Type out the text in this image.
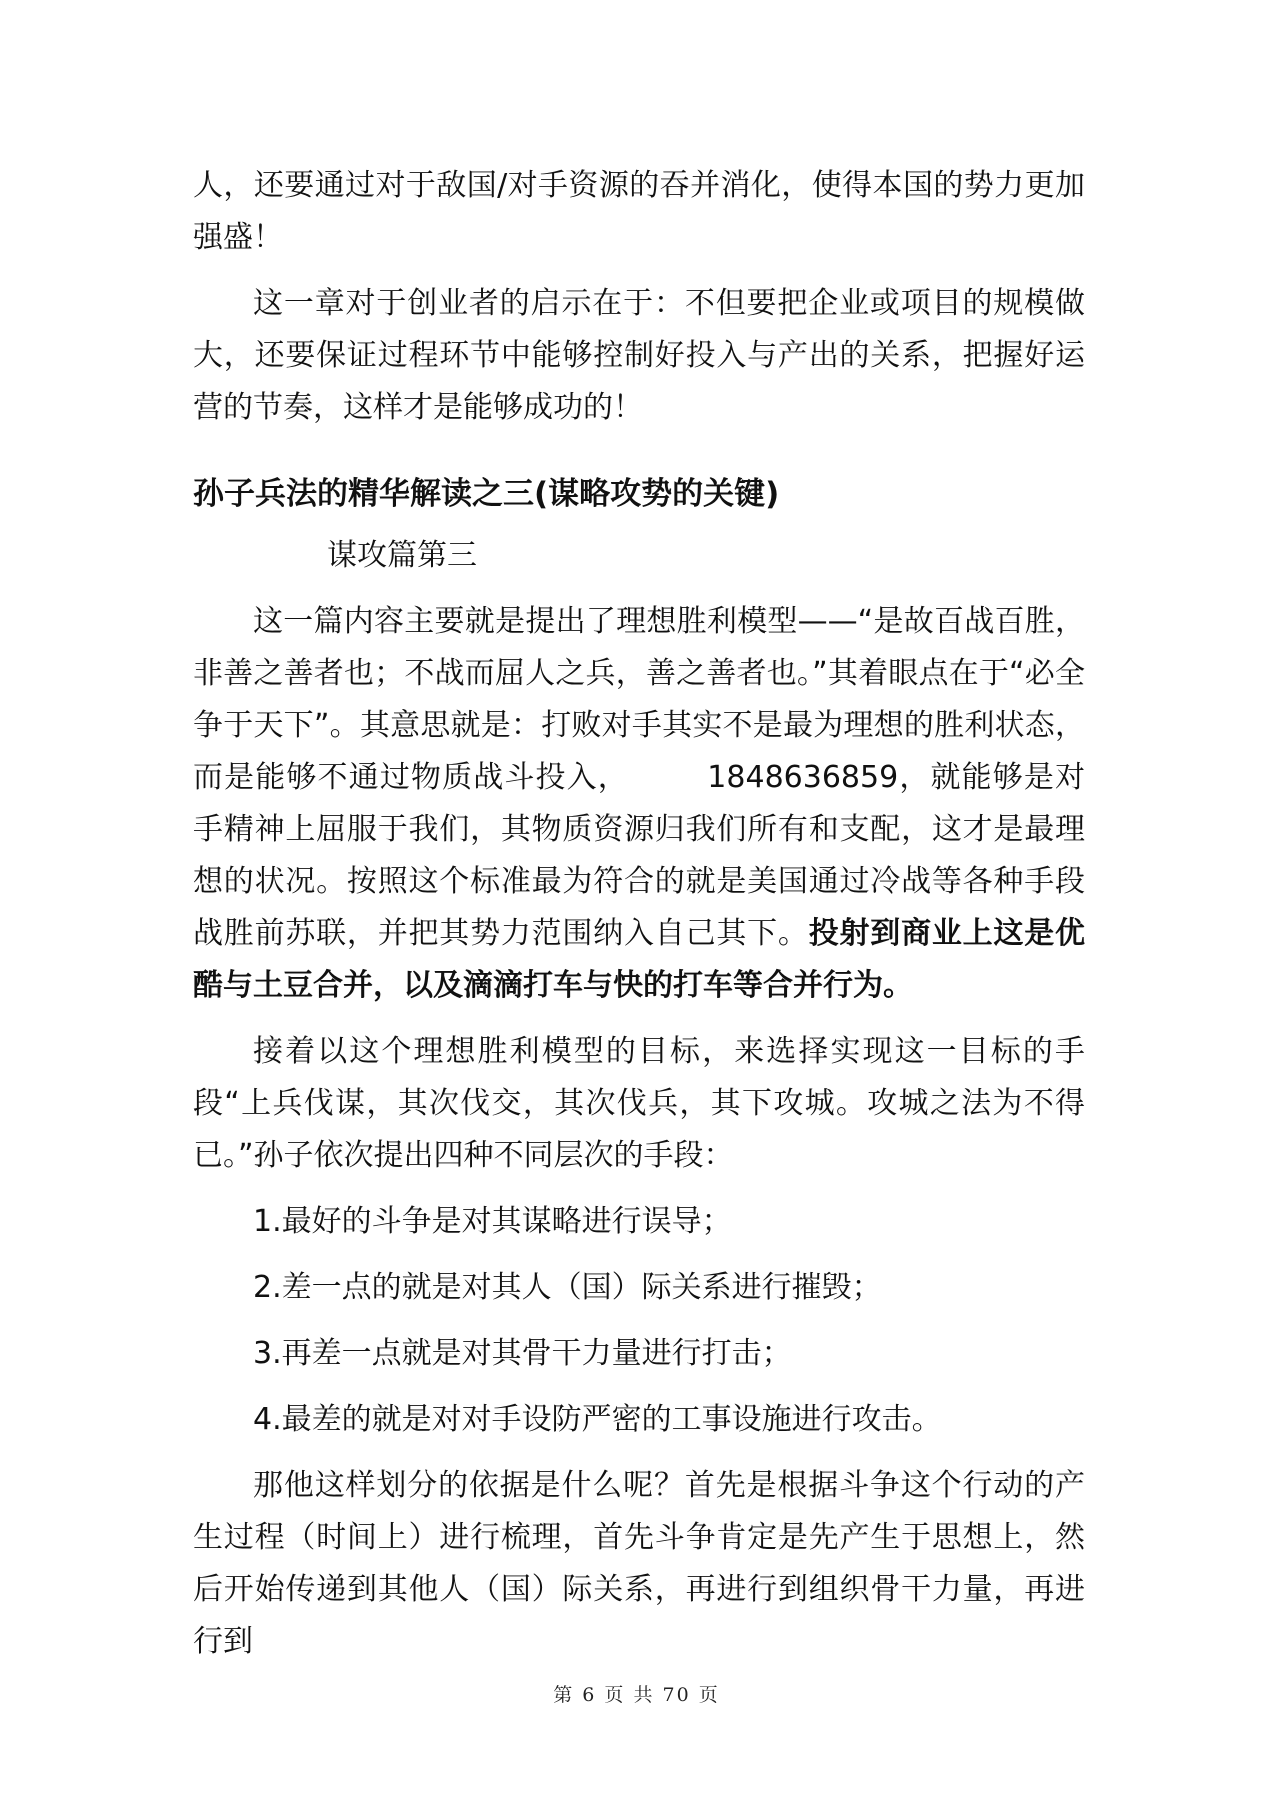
人，还要通过对于敌国/对手资源的吞并消化，使得本国的势力更加强盛！

这一章对于创业者的启示在于：不但要把企业或项目的规模做大，还要保证过程环节中能够控制好投入与产出的关系，把握好运营的节奏，这样才是能够成功的！

孙子兵法的精华解读之三(谋略攻势的关键)

谋攻篇第三

这一篇内容主要就是提出了理想胜利模型——“是故百战百胜，非善之善者也；不战而屈人之兵，善之善者也。”其着眼点在于“必全争于天下”。其意思就是：打败对手其实不是最为理想的胜利状态，而是能够不通过物质战斗投入，　　　1848636859，就能够是对手精神上屈服于我们，其物质资源归我们所有和支配，这才是最理想的状况。按照这个标准最为符合的就是美国通过冷战等各种手段战胜前苏联，并把其势力范围纳入自己其下。投射到商业上这是优酷与土豆合并，以及滴滴打车与快的打车等合并行为。

接着以这个理想胜利模型的目标，来选择实现这一目标的手段“上兵伐谋，其次伐交，其次伐兵，其下攻城。攻城之法为不得已。”孙子依次提出四种不同层次的手段：

1.最好的斗争是对其谋略进行误导；

2.差一点的就是对其人（国）际关系进行摧毁；

3.再差一点就是对其骨干力量进行打击；

4.最差的就是对对手设防严密的工事设施进行攻击。

那他这样划分的依据是什么呢？首先是根据斗争这个行动的产生过程（时间上）进行梳理，首先斗争肯定是先产生于思想上，然后开始传递到其他人（国）际关系，再进行到组织骨干力量，再进行到

第 6 页 共 70 页
